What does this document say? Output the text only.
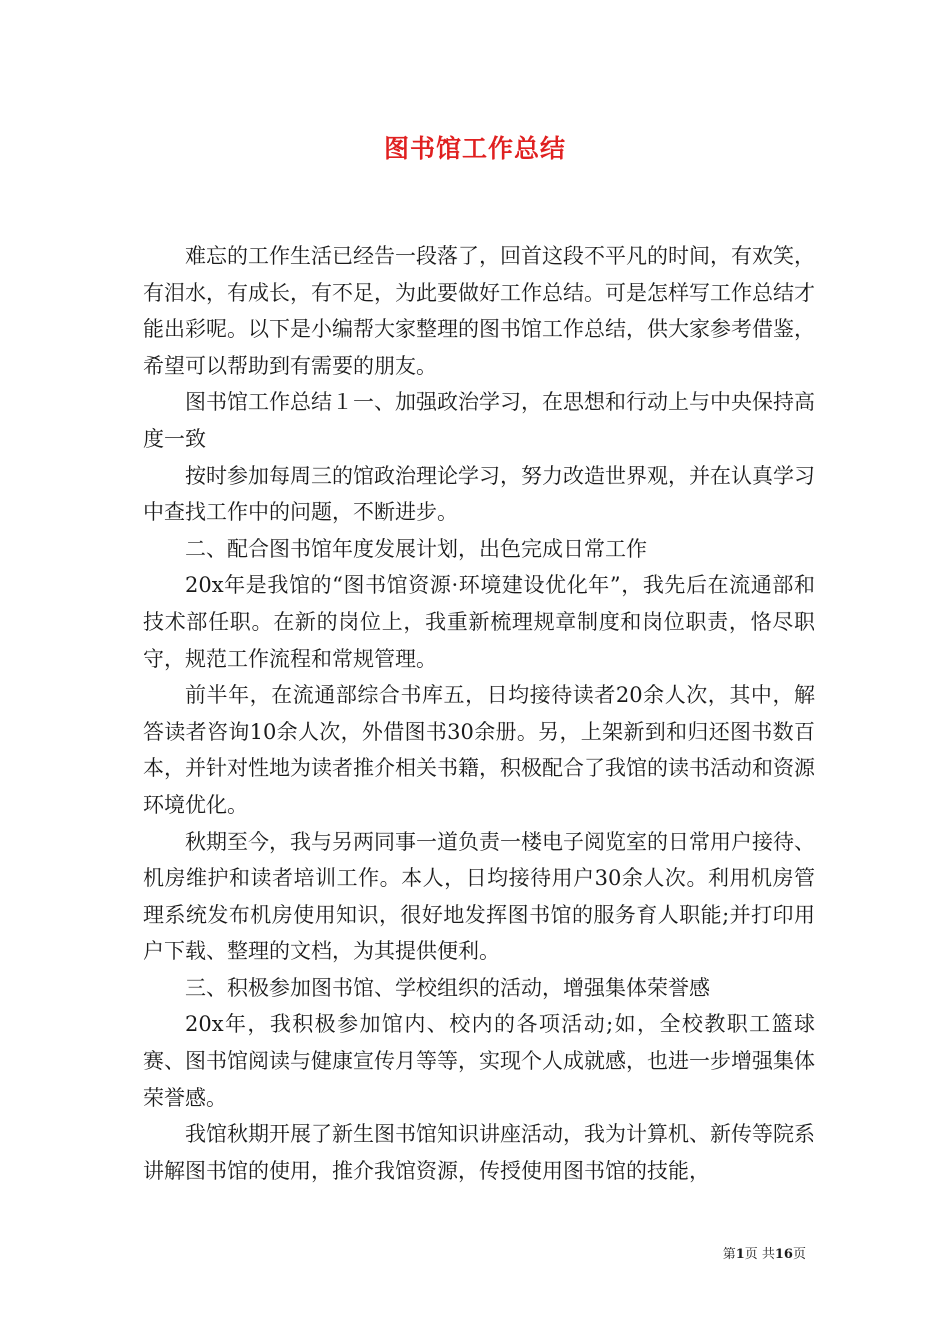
图书馆工作总结

难忘的工作生活已经告一段落了，回首这段不平凡的时间，有欢笑，有泪水，有成长，有不足，为此要做好工作总结。可是怎样写工作总结才能出彩呢。以下是小编帮大家整理的图书馆工作总结，供大家参考借鉴，希望可以帮助到有需要的朋友。

图书馆工作总结１一、加强政治学习，在思想和行动上与中央保持高度一致

按时参加每周三的馆政治理论学习，努力改造世界观，并在认真学习中查找工作中的问题，不断进步。

二、配合图书馆年度发展计划，出色完成日常工作

20x年是我馆的“图书馆资源·环境建设优化年”，我先后在流通部和技术部任职。在新的岗位上，我重新梳理规章制度和岗位职责，恪尽职守，规范工作流程和常规管理。

前半年，在流通部综合书库五，日均接待读者20余人次，其中，解答读者咨询10余人次，外借图书30余册。另，上架新到和归还图书数百本，并针对性地为读者推介相关书籍，积极配合了我馆的读书活动和资源环境优化。

秋期至今，我与另两同事一道负责一楼电子阅览室的日常用户接待、机房维护和读者培训工作。本人，日均接待用户30余人次。利用机房管理系统发布机房使用知识，很好地发挥图书馆的服务育人职能;并打印用户下载、整理的文档，为其提供便利。

三、积极参加图书馆、学校组织的活动，增强集体荣誉感

20x年，我积极参加馆内、校内的各项活动;如，全校教职工篮球赛、图书馆阅读与健康宣传月等等，实现个人成就感，也进一步增强集体荣誉感。

我馆秋期开展了新生图书馆知识讲座活动，我为计算机、新传等院系讲解图书馆的使用，推介我馆资源，传授使用图书馆的技能，

第1页 共16页
